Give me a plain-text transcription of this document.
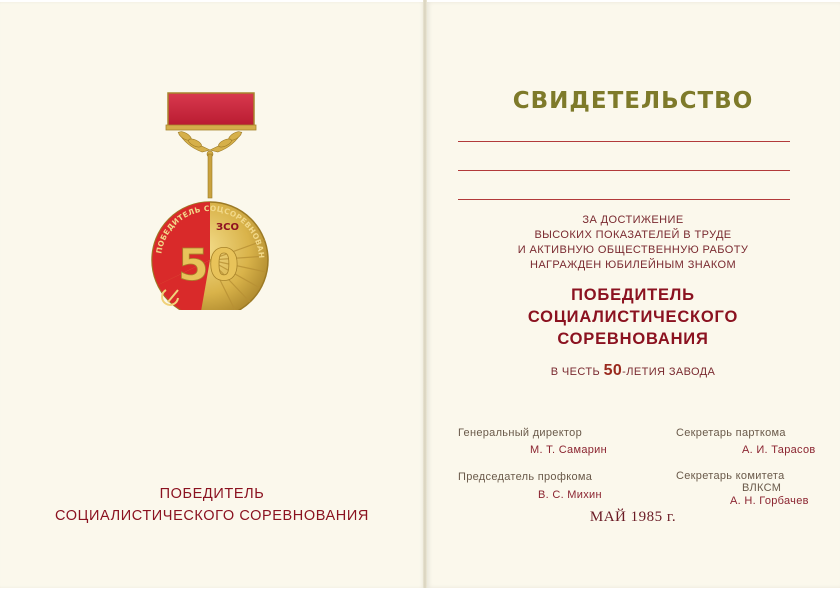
ПОБЕДИТЕЛЬ СОЦСОРЕВНОВАН
ЗСО
50
ПОБЕДИТЕЛЬ
СОЦИАЛИСТИЧЕСКОГО СОРЕВНОВАНИЯ
СВИДЕТЕЛЬСТВО
ЗА ДОСТИЖЕНИЕ
ВЫСОКИХ ПОКАЗАТЕЛЕЙ В ТРУДЕ
И АКТИВНУЮ ОБЩЕСТВЕННУЮ РАБОТУ
НАГРАЖДЕН ЮБИЛЕЙНЫМ ЗНАКОМ
ПОБЕДИТЕЛЬ
СОЦИАЛИСТИЧЕСКОГО
СОРЕВНОВАНИЯ
В ЧЕСТЬ 50-ЛЕТИЯ ЗАВОДА
Генеральный директор
М. Т. Самарин
Секретарь парткома
А. И. Тарасов
Председатель профкома
В. С. Михин
Секретарь комитета
ВЛКСМ
А. Н. Горбачев
МАЙ 1985 г.
